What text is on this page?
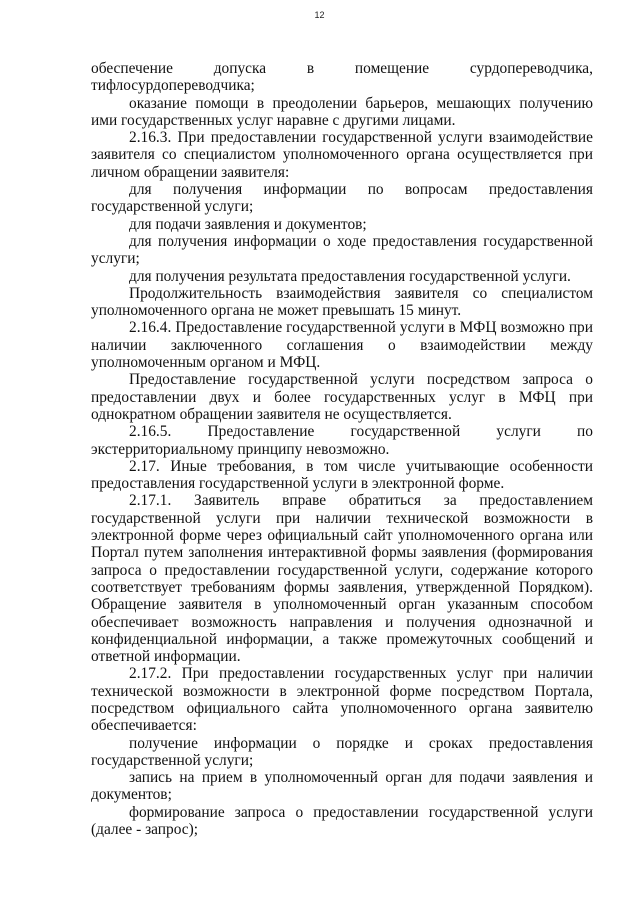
12

обеспечение допуска в помещение сурдопереводчика, тифлосурдопереводчика;

оказание помощи в преодолении барьеров, мешающих получению ими государственных услуг наравне с другими лицами.

2.16.3. При предоставлении государственной услуги взаимодействие заявителя со специалистом уполномоченного органа осуществляется при личном обращении заявителя:

для получения информации по вопросам предоставления государственной услуги;

для подачи заявления и документов;

для получения информации о ходе предоставления государственной услуги;

для получения результата предоставления государственной услуги.

Продолжительность взаимодействия заявителя со специалистом уполномоченного органа не может превышать 15 минут.

2.16.4. Предоставление государственной услуги в МФЦ возможно при наличии заключенного соглашения о взаимодействии между уполномоченным органом и МФЦ.

Предоставление государственной услуги посредством запроса о предоставлении двух и более государственных услуг в МФЦ при однократном обращении заявителя не осуществляется.

2.16.5. Предоставление государственной услуги по экстерриториальному принципу невозможно.

2.17. Иные требования, в том числе учитывающие особенности предоставления государственной услуги в электронной форме.

2.17.1. Заявитель вправе обратиться за предоставлением государственной услуги при наличии технической возможности в электронной форме через официальный сайт уполномоченного органа или Портал путем заполнения интерактивной формы заявления (формирования запроса о предоставлении государственной услуги, содержание которого соответствует требованиям формы заявления, утвержденной Порядком). Обращение заявителя в уполномоченный орган указанным способом обеспечивает возможность направления и получения однозначной и конфиденциальной информации, а также промежуточных сообщений и ответной информации.

2.17.2. При предоставлении государственных услуг при наличии технической возможности в электронной форме посредством Портала, посредством официального сайта уполномоченного органа заявителю обеспечивается:

получение информации о порядке и сроках предоставления государственной услуги;

запись на прием в уполномоченный орган для подачи заявления и документов;

формирование запроса о предоставлении государственной услуги (далее - запрос);
